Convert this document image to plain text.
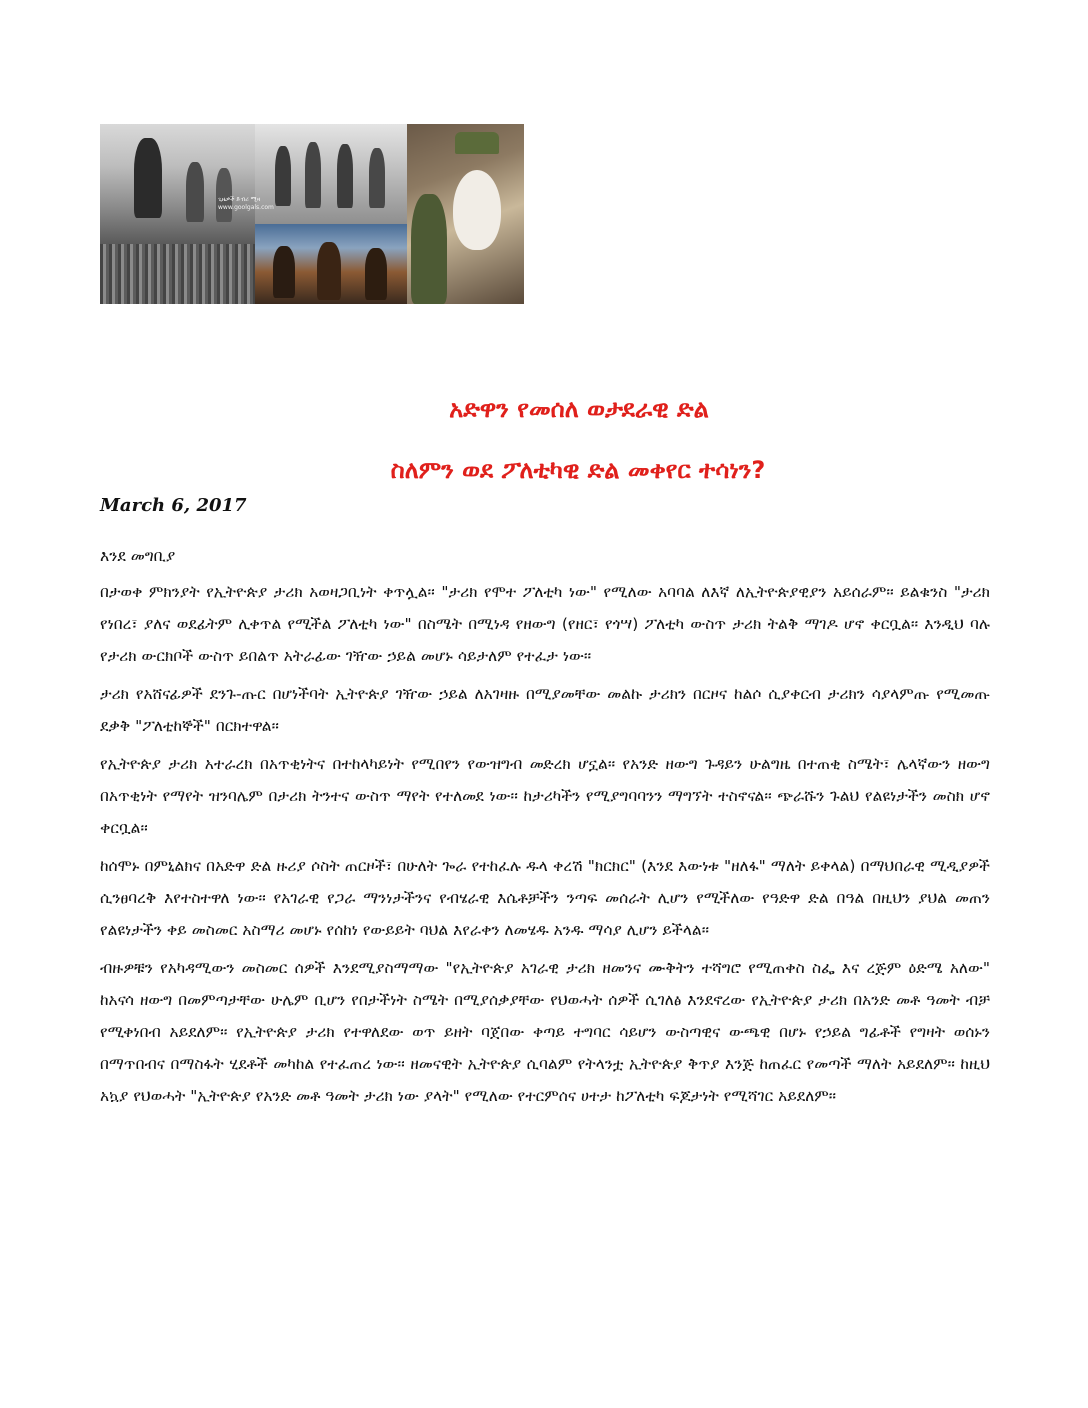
ጊዜዎች ድብሪ ሚዛ
www.goolgals.com
አድዋን የመሰለ ወታደራዊ ድል
ስለምን ወደ ፖለቲካዊ ድል መቀየር ተሳነን?
March 6, 2017

እንደ መግቢያ

በታወቀ ምክንያት የኢትዮጵያ ታሪክ አወዛጋቢነት ቀጥሏል፡፡ "ታሪክ የሞተ ፖለቲካ ነው" የሚለው አባባል ለእኛ ለኢትዮጵያዊያን አይሰራም፡፡ ይልቁንስ "ታሪክ የነበረ፣ ያለና ወደፊትም ሊቀጥል የሚችል ፖለቲካ ነው" በስሜት በሚነዳ የዘውግ (የዘር፣ የጎሣ) ፖለቲካ ውስጥ ታሪክ ትልቅ ማገዶ ሆኖ ቀርቧል፡፡ እንዲህ ባሉ የታሪክ ውርክቦች ውስጥ ይበልጥ አትራፊው ገዥው ኃይል መሆኑ ሳይታለም የተፈታ ነው፡፡

ታሪክ የአሸናፊዎች ደንጉ-ጡር በሆነችባት ኢትዮጵያ ገዥው ኃይል ለአገዛዙ በሚያመቸው መልኩ ታሪክን በርዞና ከልሶ ሲያቀርብ ታሪክን ሳያላምጡ የሚመጡ ደቃቅ "ፖለቲከኞች" በርክተዋል፡፡

የኢትዮጵያ ታሪክ አተራረክ በአጥቂነትና በተከላካይነት የሚበየን የውዝግብ መድረክ ሆኗል፡፡ የአንድ ዘውግ ጉዳይን ሁልግዜ በተጠቂ ስሜት፣ ሌላኛውን ዘውግ በአጥቂነት የማየት ዝንባሌም በታሪክ ትንተና ውስጥ ማየት የተለመደ ነው፡፡ ከታሪካችን የሚያግባባንን ማግኘት ተስኖናል፡፡ ጭራሹን ጉልህ የልዩነታችን መስክ ሆኖ ቀርቧል፡፡

ከሰሞኑ በምኒልክና በአድዋ ድል ዙሪያ ሶስት ጠርዞች፣ በሁለት ጐራ የተከፈሉ ዱላ ቀረሽ "ክርክር" (እንደ እውነቱ "ዘለፋ" ማለት ይቀላል) በማህበራዊ ሚዲያዎች ሲንፀባረቅ እየተስተዋለ ነው፡፡ የአገራዊ የጋራ ማንነታችንና የብሄራዊ እሴቶቻችን ንጣፍ መሰራት ሊሆን የሚችለው የዓድዋ ድል በዓል በዚህን ያህል መጠን የልዩነታችን ቀይ መስመር አስማሪ መሆኑ የሰከነ የውይይት ባህል እየራቀን ለመሄዱ አንዱ ማሳያ ሊሆን ይችላል፡፡

ብዙዎቹን የአካዳሚውን መስመር ሰዎች እንደሚያስማማው "የኢትዮጵያ አገራዊ ታሪክ ዘመንና ሙቅትን ተሻግሮ የሚጠቀስ ስፌ እና ረጅም ዕድሜ አለው" ከአናሳ ዘውግ በመምጣታቸው ሁሌም ቢሆን የበታችነት ስሜት በሚያሰቃያቸው የህወሓት ሰዎች ሲገለፅ እንደኖረው የኢትዮጵያ ታሪክ በአንድ መቶ ዓመት ብቻ የሚቀነበብ አይደለም፡፡ የኢትዮጵያ ታሪክ የተዋለደው ወጥ ይዘት ባጀበው ቀጣይ ተግባር ሳይሆን ውስጣዊና ውጫዊ በሆኑ የኃይል ግፊቶች የግዛት ወሰኑን በማጥበብና በማስፋት ሂደቶች መካከል የተፈጠረ ነው፡፡ ዘመናዊት ኢትዮጵያ ሲባልም የትላንቷ ኢትዮጵያ ቅጥያ እንጅ ከጠፈር የመጣች ማለት አይደለም፡፡ ከዚህ አኳያ የህወሓት "ኢትዮጵያ የአንድ መቶ ዓመት ታሪክ ነው ያላት" የሚለው የተርምሰና ሀተታ ከፖለቲካ ፍጆታነት የሚሻገር አይደለም፡፡
